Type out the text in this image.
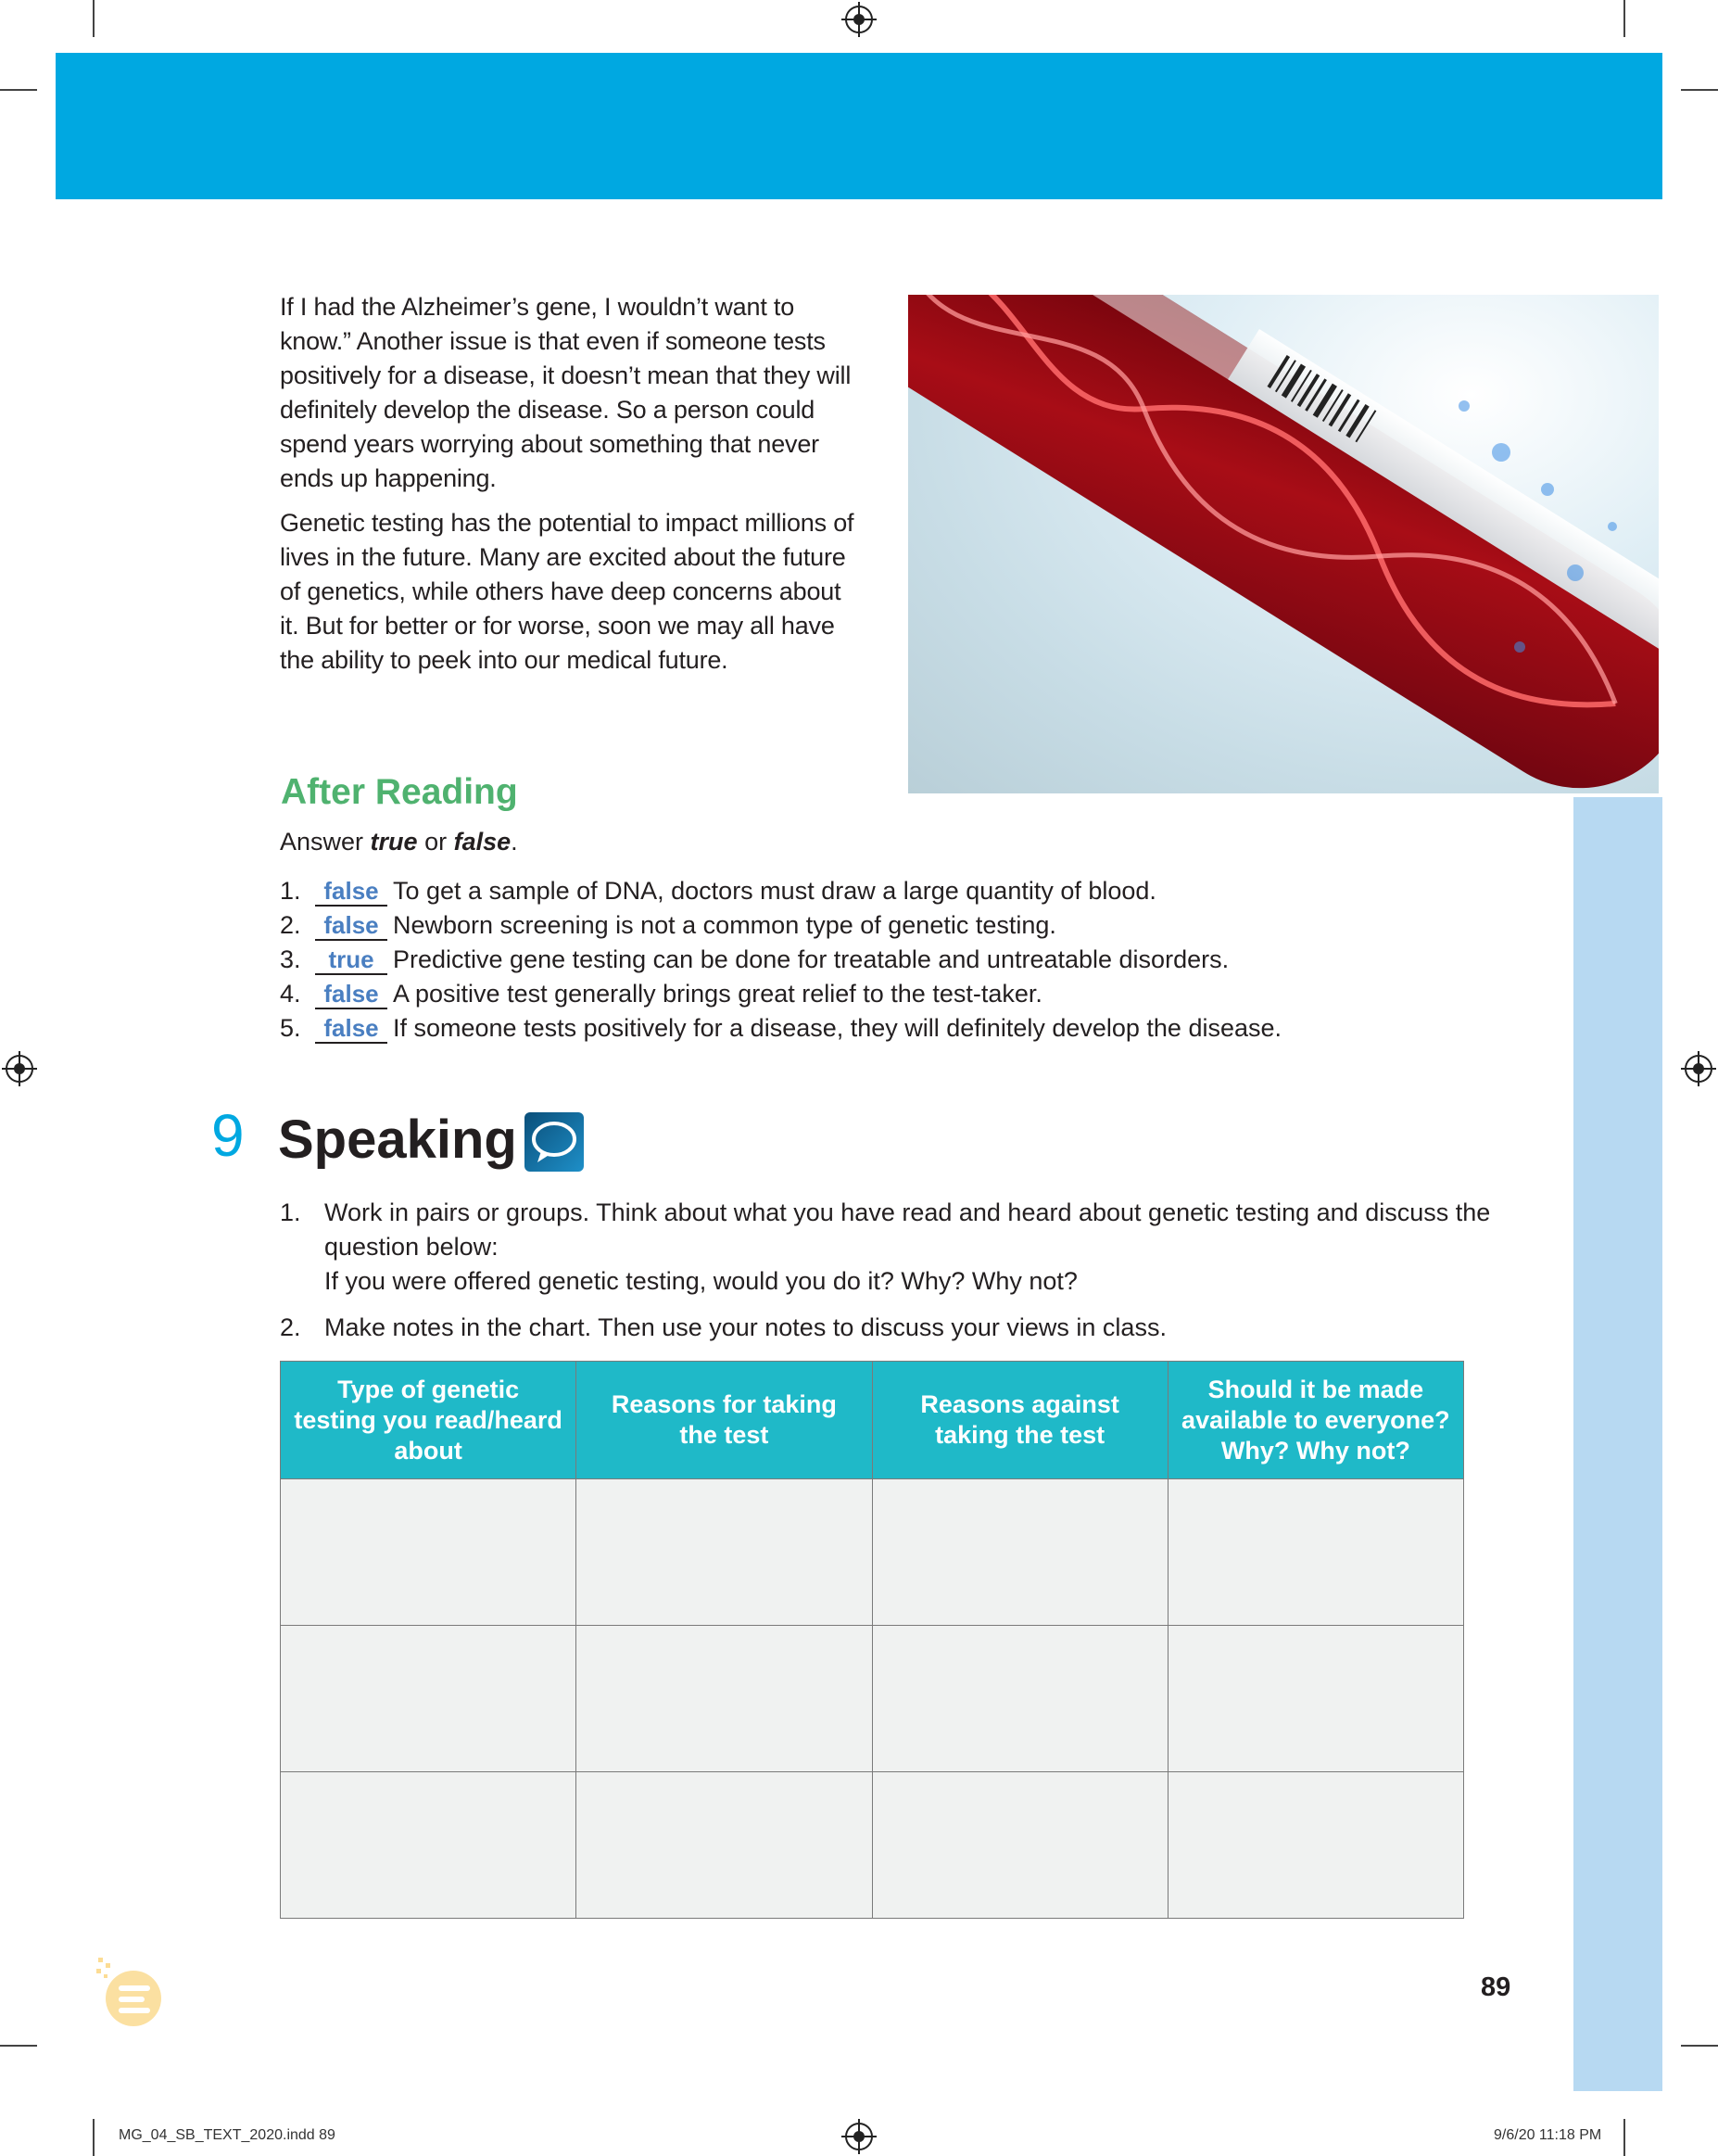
If I had the Alzheimer’s gene, I wouldn’t want to know.” Another issue is that even if someone tests positively for a disease, it doesn’t mean that they will definitely develop the disease. So a person could spend years worrying about something that never ends up happening.

Genetic testing has the potential to impact millions of lives in the future. Many are excited about the future of genetics, while others have deep concerns about it. But for better or for worse, soon we may all have the ability to peek into our medical future.

After Reading

Answer true or false.

1. false To get a sample of DNA, doctors must draw a large quantity of blood.
2. false Newborn screening is not a common type of genetic testing.
3. true Predictive gene testing can be done for treatable and untreatable disorders.
4. false A positive test generally brings great relief to the test-taker.
5. false If someone tests positively for a disease, they will definitely develop the disease.
9 Speaking
1. Work in pairs or groups. Think about what you have read and heard about genetic testing and discuss the question below:

If you were offered genetic testing, would you do it? Why? Why not?

2. Make notes in the chart. Then use your notes to discuss your views in class.

Type of genetic testing you read/heard about	Reasons for taking the test	Reasons against taking the test	Should it be made available to everyone? Why? Why not?

89
MG_04_SB_TEXT_2020.indd 89	9/6/20 11:18 PM
